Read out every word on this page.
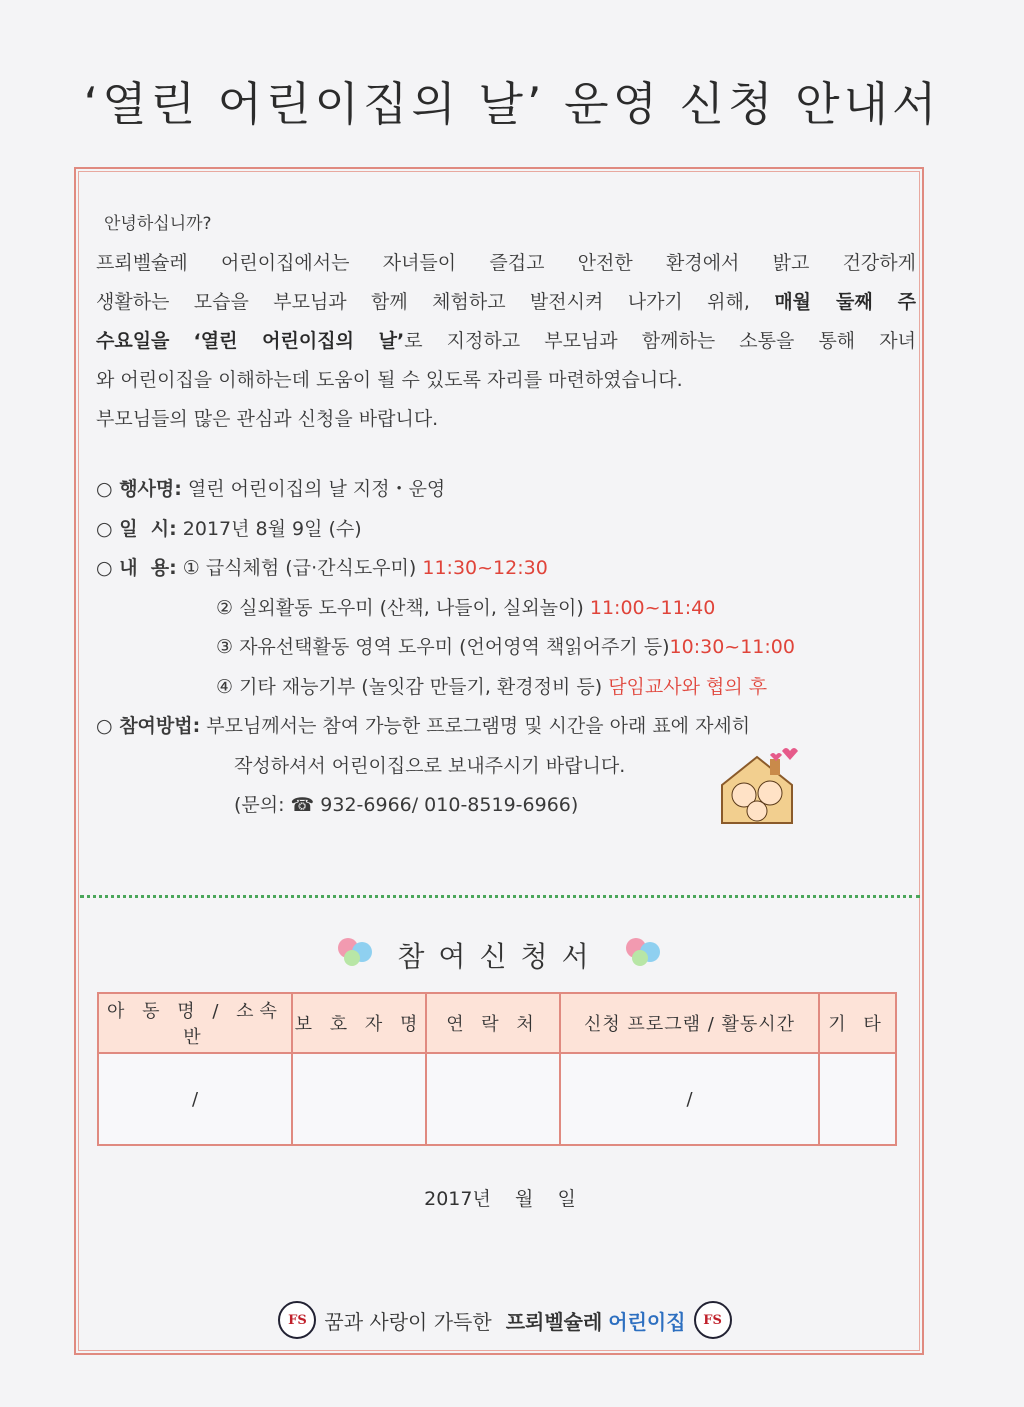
‘열린 어린이집의 날’ 운영 신청 안내서

안녕하십니까?

프뢰벨슐레 어린이집에서는 자녀들이 즐겁고 안전한 환경에서 밝고 건강하게

생활하는 모습을 부모님과 함께 체험하고 발전시켜 나가기 위해, 매월 둘째 주

수요일을 ‘열린 어린이집의 날’로 지정하고 부모님과 함께하는 소통을 통해 자녀

와 어린이집을 이해하는데 도움이 될 수 있도록 자리를 마련하였습니다.

부모님들의 많은 관심과 신청을 바랍니다.

○ 행사명: 열린 어린이집의 날 지정・운영
○ 일  시: 2017년 8월 9일 (수)
○ 내  용: ① 급식체험 (급·간식도우미) 11:30~12:30
② 실외활동 도우미 (산책, 나들이, 실외놀이) 11:00~11:40
③ 자유선택활동 영역 도우미 (언어영역 책읽어주기 등)10:30~11:00
④ 기타 재능기부 (놀잇감 만들기, 환경정비 등) 담임교사와 협의 후
○ 참여방법: 부모님께서는 참여 가능한 프로그램명 및 시간을 아래 표에 자세히
작성하셔서 어린이집으로 보내주시기 바랍니다.
(문의: ☎ 932-6966/ 010-8519-6966)
참여신청서
아 동 명 / 소속반	보 호 자 명	연 락 처	신청 프로그램 / 활동시간	기 타
/			/	
2017년    월    일
FS 꿈과 사랑이 가득한 프뢰벨슐레 어린이집	FS
